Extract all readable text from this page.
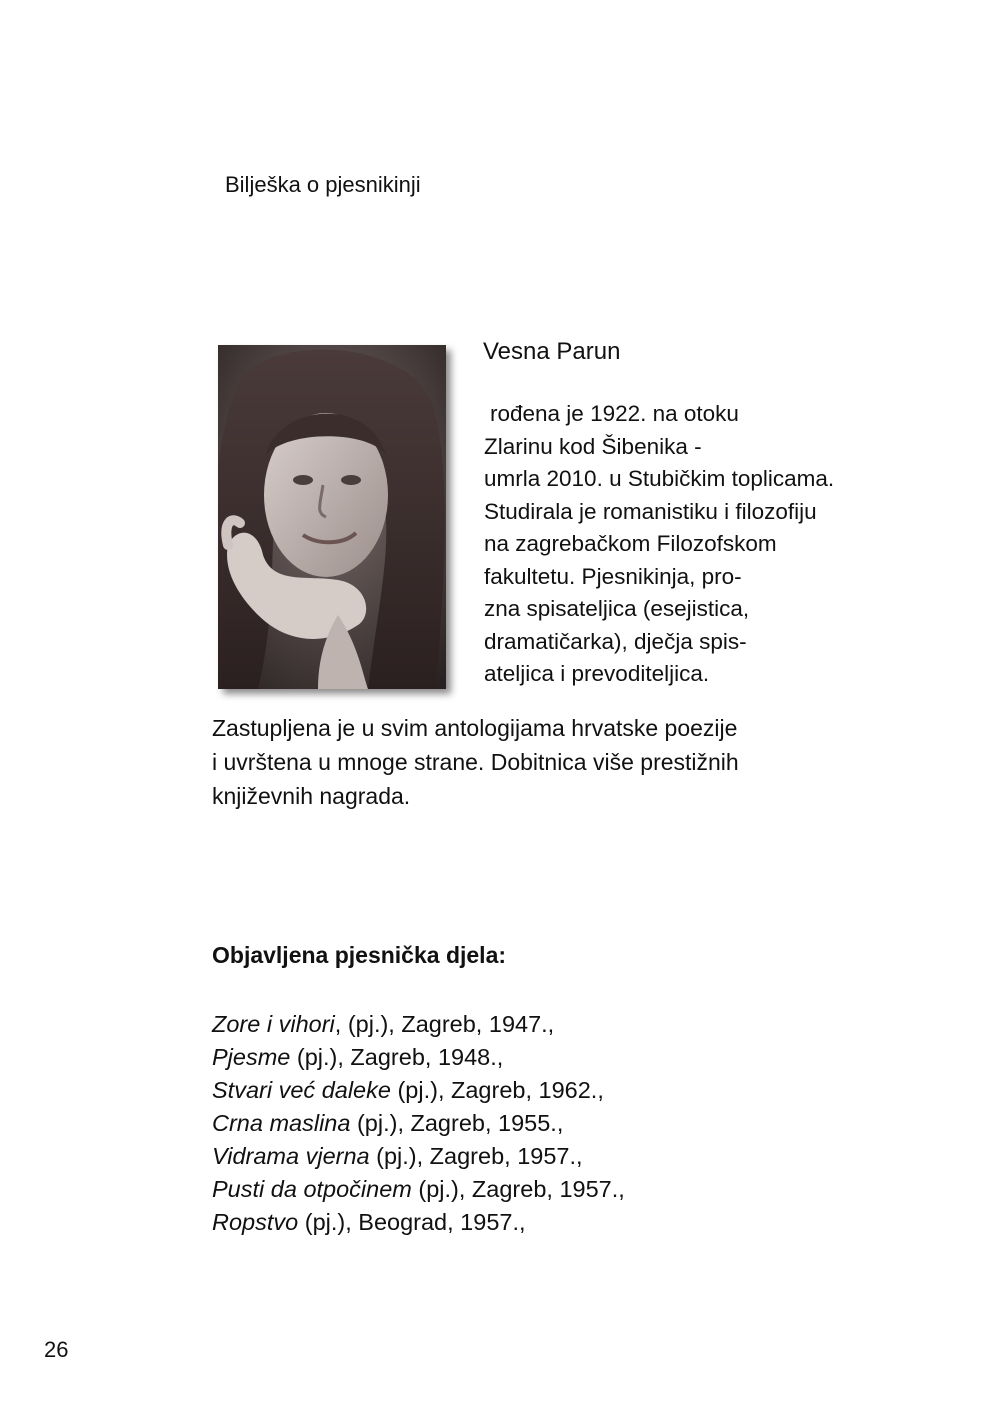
Bilješka o pjesnikinji
Vesna Parun
rođena je 1922. na otoku
Zlarinu kod Šibenika -
umrla 2010. u Stubičkim toplicama.
Studirala je romanistiku i filozofiju
na zagrebačkom Filozofskom
fakultetu. Pjesnikinja, pro-
zna spisateljica (esejistica,
dramatičarka), dječja spis-
ateljica i prevoditeljica.
Zastupljena je u svim antologijama hrvatske poezije
i uvrštena u mnoge strane. Dobitnica više prestižnih
književnih nagrada.
Objavljena pjesnička djela:
Zore i vihori, (pj.), Zagreb, 1947.,
Pjesme (pj.), Zagreb, 1948.,
Stvari već daleke (pj.), Zagreb, 1962.,
Crna maslina (pj.), Zagreb, 1955.,
Vidrama vjerna (pj.), Zagreb, 1957.,
Pusti da otpočinem (pj.), Zagreb, 1957.,
Ropstvo (pj.), Beograd, 1957.,
26
